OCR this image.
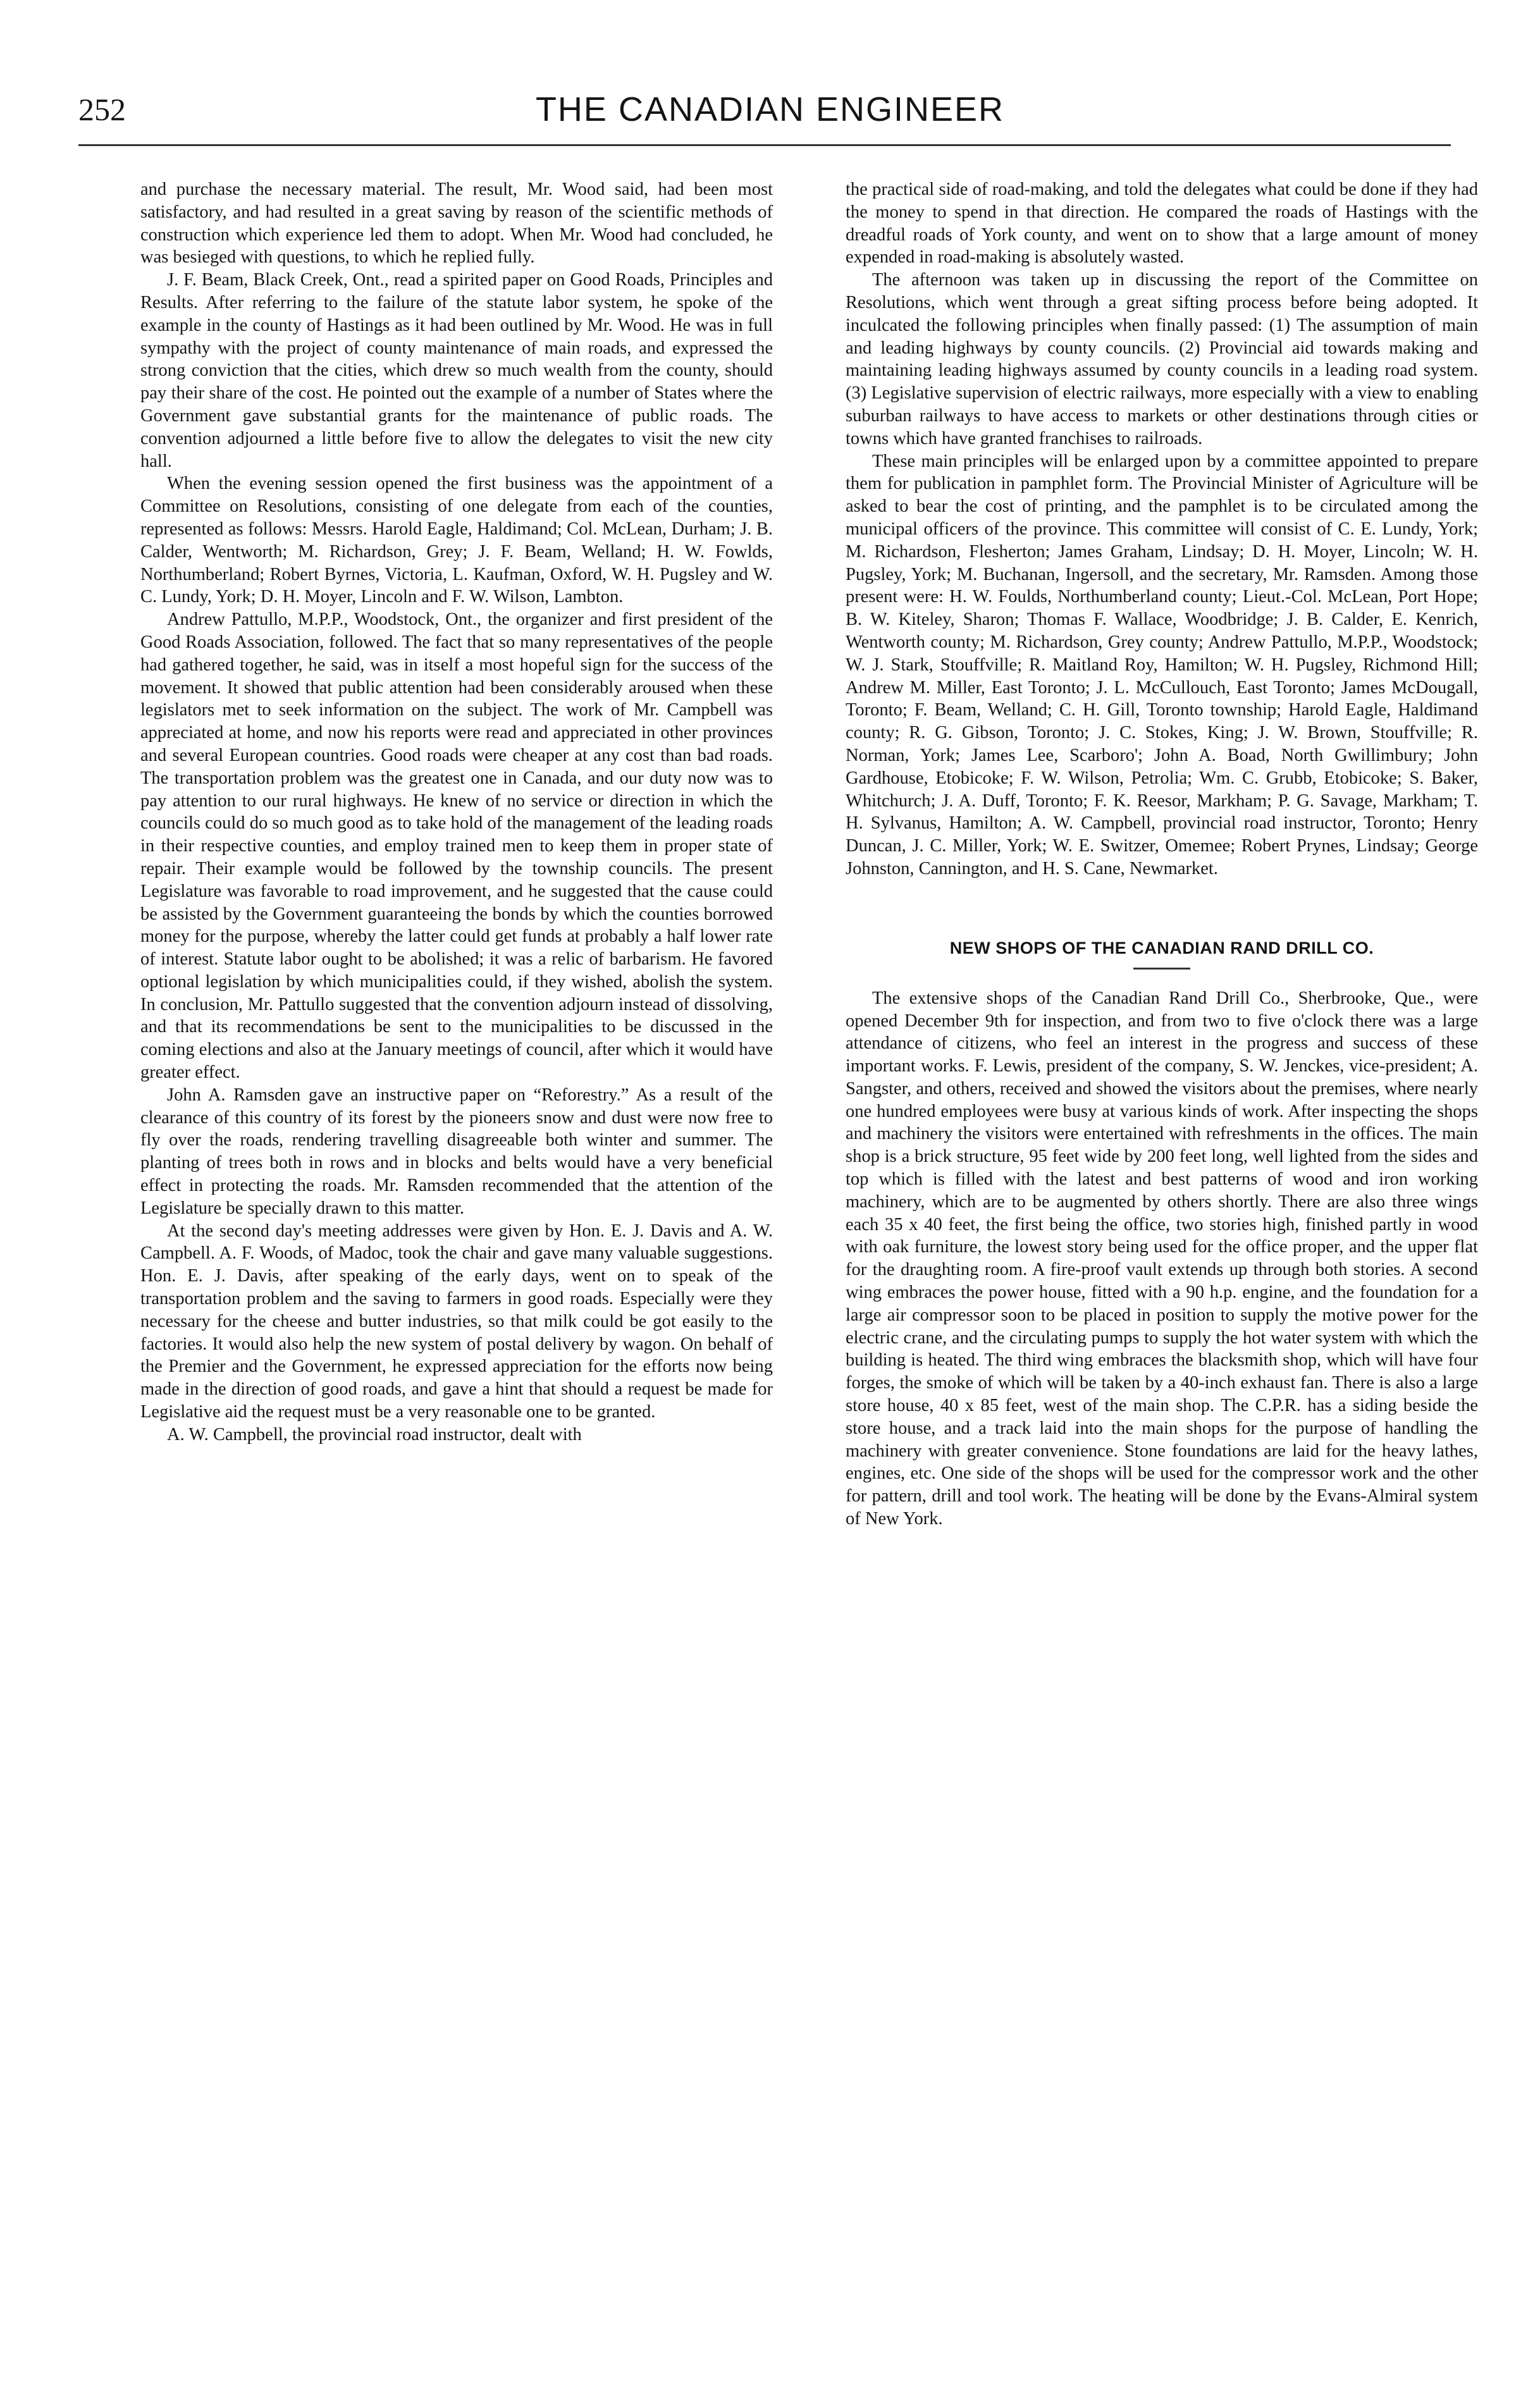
252	THE CANADIAN ENGINEER

and purchase the necessary material. The result, Mr. Wood said, had been most satisfactory, and had resulted in a great saving by reason of the scientific methods of construction which experience led them to adopt. When Mr. Wood had concluded, he was besieged with questions, to which he replied fully.

J. F. Beam, Black Creek, Ont., read a spirited paper on Good Roads, Principles and Results. After referring to the failure of the statute labor system, he spoke of the example in the county of Hastings as it had been outlined by Mr. Wood. He was in full sympathy with the project of county maintenance of main roads, and expressed the strong conviction that the cities, which drew so much wealth from the county, should pay their share of the cost. He pointed out the example of a number of States where the Government gave substantial grants for the maintenance of public roads. The convention adjourned a little before five to allow the delegates to visit the new city hall.

When the evening session opened the first business was the appointment of a Committee on Resolutions, consisting of one delegate from each of the counties, represented as follows: Messrs. Harold Eagle, Haldimand; Col. McLean, Durham; J. B. Calder, Wentworth; M. Richardson, Grey; J. F. Beam, Welland; H. W. Fowlds, Northumberland; Robert Byrnes, Victoria, L. Kaufman, Oxford, W. H. Pugsley and W. C. Lundy, York; D. H. Moyer, Lincoln and F. W. Wilson, Lambton.

Andrew Pattullo, M.P.P., Woodstock, Ont., the organizer and first president of the Good Roads Association, followed. The fact that so many representatives of the people had gathered together, he said, was in itself a most hopeful sign for the success of the movement. It showed that public attention had been considerably aroused when these legislators met to seek information on the subject. The work of Mr. Campbell was appreciated at home, and now his reports were read and appreciated in other provinces and several European countries. Good roads were cheaper at any cost than bad roads. The transportation problem was the greatest one in Canada, and our duty now was to pay attention to our rural highways. He knew of no service or direction in which the councils could do so much good as to take hold of the management of the leading roads in their respective counties, and employ trained men to keep them in proper state of repair. Their example would be followed by the township councils. The present Legislature was favorable to road improvement, and he suggested that the cause could be assisted by the Government guaranteeing the bonds by which the counties borrowed money for the purpose, whereby the latter could get funds at probably a half lower rate of interest. Statute labor ought to be abolished; it was a relic of barbarism. He favored optional legislation by which municipalities could, if they wished, abolish the system. In conclusion, Mr. Pattullo suggested that the convention adjourn instead of dissolving, and that its recommendations be sent to the municipalities to be discussed in the coming elections and also at the January meetings of council, after which it would have greater effect.

John A. Ramsden gave an instructive paper on “Reforestry.” As a result of the clearance of this country of its forest by the pioneers snow and dust were now free to fly over the roads, rendering travelling disagreeable both winter and summer. The planting of trees both in rows and in blocks and belts would have a very beneficial effect in protecting the roads. Mr. Ramsden recommended that the attention of the Legislature be specially drawn to this matter.

At the second day's meeting addresses were given by Hon. E. J. Davis and A. W. Campbell. A. F. Woods, of Madoc, took the chair and gave many valuable suggestions. Hon. E. J. Davis, after speaking of the early days, went on to speak of the transportation problem and the saving to farmers in good roads. Especially were they necessary for the cheese and butter industries, so that milk could be got easily to the factories. It would also help the new system of postal delivery by wagon. On behalf of the Premier and the Government, he expressed appreciation for the efforts now being made in the direction of good roads, and gave a hint that should a request be made for Legislative aid the request must be a very reasonable one to be granted.

A. W. Campbell, the provincial road instructor, dealt with

the practical side of road-making, and told the delegates what could be done if they had the money to spend in that direction. He compared the roads of Hastings with the dreadful roads of York county, and went on to show that a large amount of money expended in road-making is absolutely wasted.

The afternoon was taken up in discussing the report of the Committee on Resolutions, which went through a great sifting process before being adopted. It inculcated the following principles when finally passed: (1) The assumption of main and leading highways by county councils. (2) Provincial aid towards making and maintaining leading highways assumed by county councils in a leading road system. (3) Legislative supervision of electric railways, more especially with a view to enabling suburban railways to have access to markets or other destinations through cities or towns which have granted franchises to railroads.

These main principles will be enlarged upon by a committee appointed to prepare them for publication in pamphlet form. The Provincial Minister of Agriculture will be asked to bear the cost of printing, and the pamphlet is to be circulated among the municipal officers of the province. This committee will consist of C. E. Lundy, York; M. Richardson, Flesherton; James Graham, Lindsay; D. H. Moyer, Lincoln; W. H. Pugsley, York; M. Buchanan, Ingersoll, and the secretary, Mr. Ramsden. Among those present were: H. W. Foulds, Northumberland county; Lieut.-Col. McLean, Port Hope; B. W. Kiteley, Sharon; Thomas F. Wallace, Woodbridge; J. B. Calder, E. Kenrich, Wentworth county; M. Richardson, Grey county; Andrew Pattullo, M.P.P., Woodstock; W. J. Stark, Stouffville; R. Maitland Roy, Hamilton; W. H. Pugsley, Richmond Hill; Andrew M. Miller, East Toronto; J. L. McCullouch, East Toronto; James McDougall, Toronto; F. Beam, Welland; C. H. Gill, Toronto township; Harold Eagle, Haldimand county; R. G. Gibson, Toronto; J. C. Stokes, King; J. W. Brown, Stouffville; R. Norman, York; James Lee, Scarboro'; John A. Boad, North Gwillimbury; John Gardhouse, Etobicoke; F. W. Wilson, Petrolia; Wm. C. Grubb, Etobicoke; S. Baker, Whitchurch; J. A. Duff, Toronto; F. K. Reesor, Markham; P. G. Savage, Markham; T. H. Sylvanus, Hamilton; A. W. Campbell, provincial road instructor, Toronto; Henry Duncan, J. C. Miller, York; W. E. Switzer, Omemee; Robert Prynes, Lindsay; George Johnston, Cannington, and H. S. Cane, Newmarket.

NEW SHOPS OF THE CANADIAN RAND DRILL CO.

The extensive shops of the Canadian Rand Drill Co., Sherbrooke, Que., were opened December 9th for inspection, and from two to five o'clock there was a large attendance of citizens, who feel an interest in the progress and success of these important works. F. Lewis, president of the company, S. W. Jenckes, vice-president; A. Sangster, and others, received and showed the visitors about the premises, where nearly one hundred employees were busy at various kinds of work. After inspecting the shops and machinery the visitors were entertained with refreshments in the offices. The main shop is a brick structure, 95 feet wide by 200 feet long, well lighted from the sides and top which is filled with the latest and best patterns of wood and iron working machinery, which are to be augmented by others shortly. There are also three wings each 35 x 40 feet, the first being the office, two stories high, finished partly in wood with oak furniture, the lowest story being used for the office proper, and the upper flat for the draughting room. A fire-proof vault extends up through both stories. A second wing embraces the power house, fitted with a 90 h.p. engine, and the foundation for a large air compressor soon to be placed in position to supply the motive power for the electric crane, and the circulating pumps to supply the hot water system with which the building is heated. The third wing embraces the blacksmith shop, which will have four forges, the smoke of which will be taken by a 40-inch exhaust fan. There is also a large store house, 40 x 85 feet, west of the main shop. The C.P.R. has a siding beside the store house, and a track laid into the main shops for the purpose of handling the machinery with greater convenience. Stone foundations are laid for the heavy lathes, engines, etc. One side of the shops will be used for the compressor work and the other for pattern, drill and tool work. The heating will be done by the Evans-Almiral system of New York.
